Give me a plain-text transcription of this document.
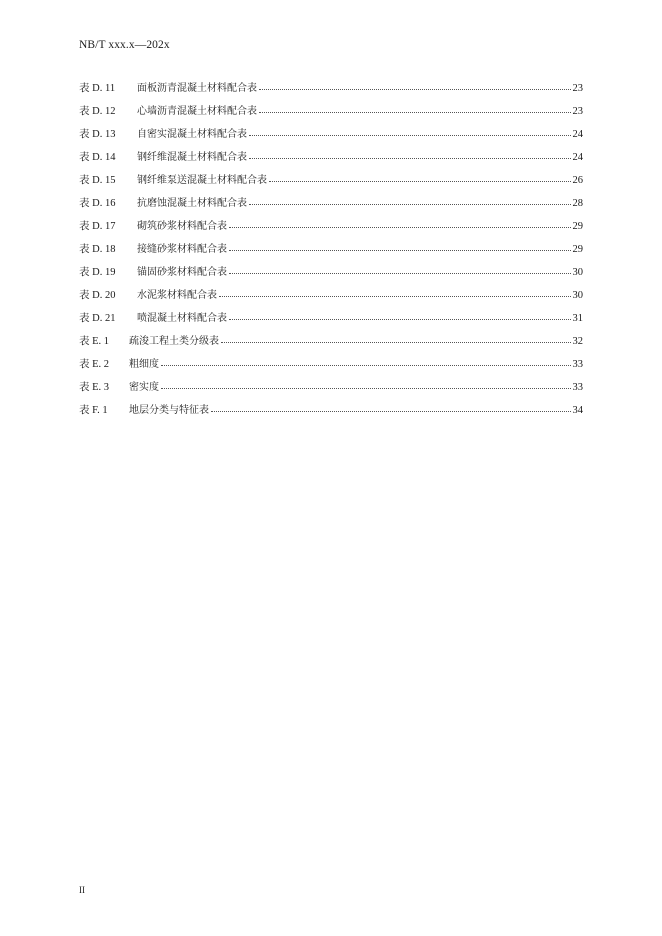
NB/T xxx.x—202x
表 D. 11	面板沥青混凝土材料配合表	23
表 D. 12	心墙沥青混凝土材料配合表	23
表 D. 13	自密实混凝土材料配合表	24
表 D. 14	钢纤维混凝土材料配合表	24
表 D. 15	钢纤维泵送混凝土材料配合表	26
表 D. 16	抗磨蚀混凝土材料配合表	28
表 D. 17	砌筑砂浆材料配合表	29
表 D. 18	接缝砂浆材料配合表	29
表 D. 19	锚固砂浆材料配合表	30
表 D. 20	水泥浆材料配合表	30
表 D. 21	喷混凝土材料配合表	31
表 E. 1	疏浚工程土类分级表	32
表 E. 2	粗细度	33
表 E. 3	密实度	33
表 F. 1	地层分类与特征表	34
II
